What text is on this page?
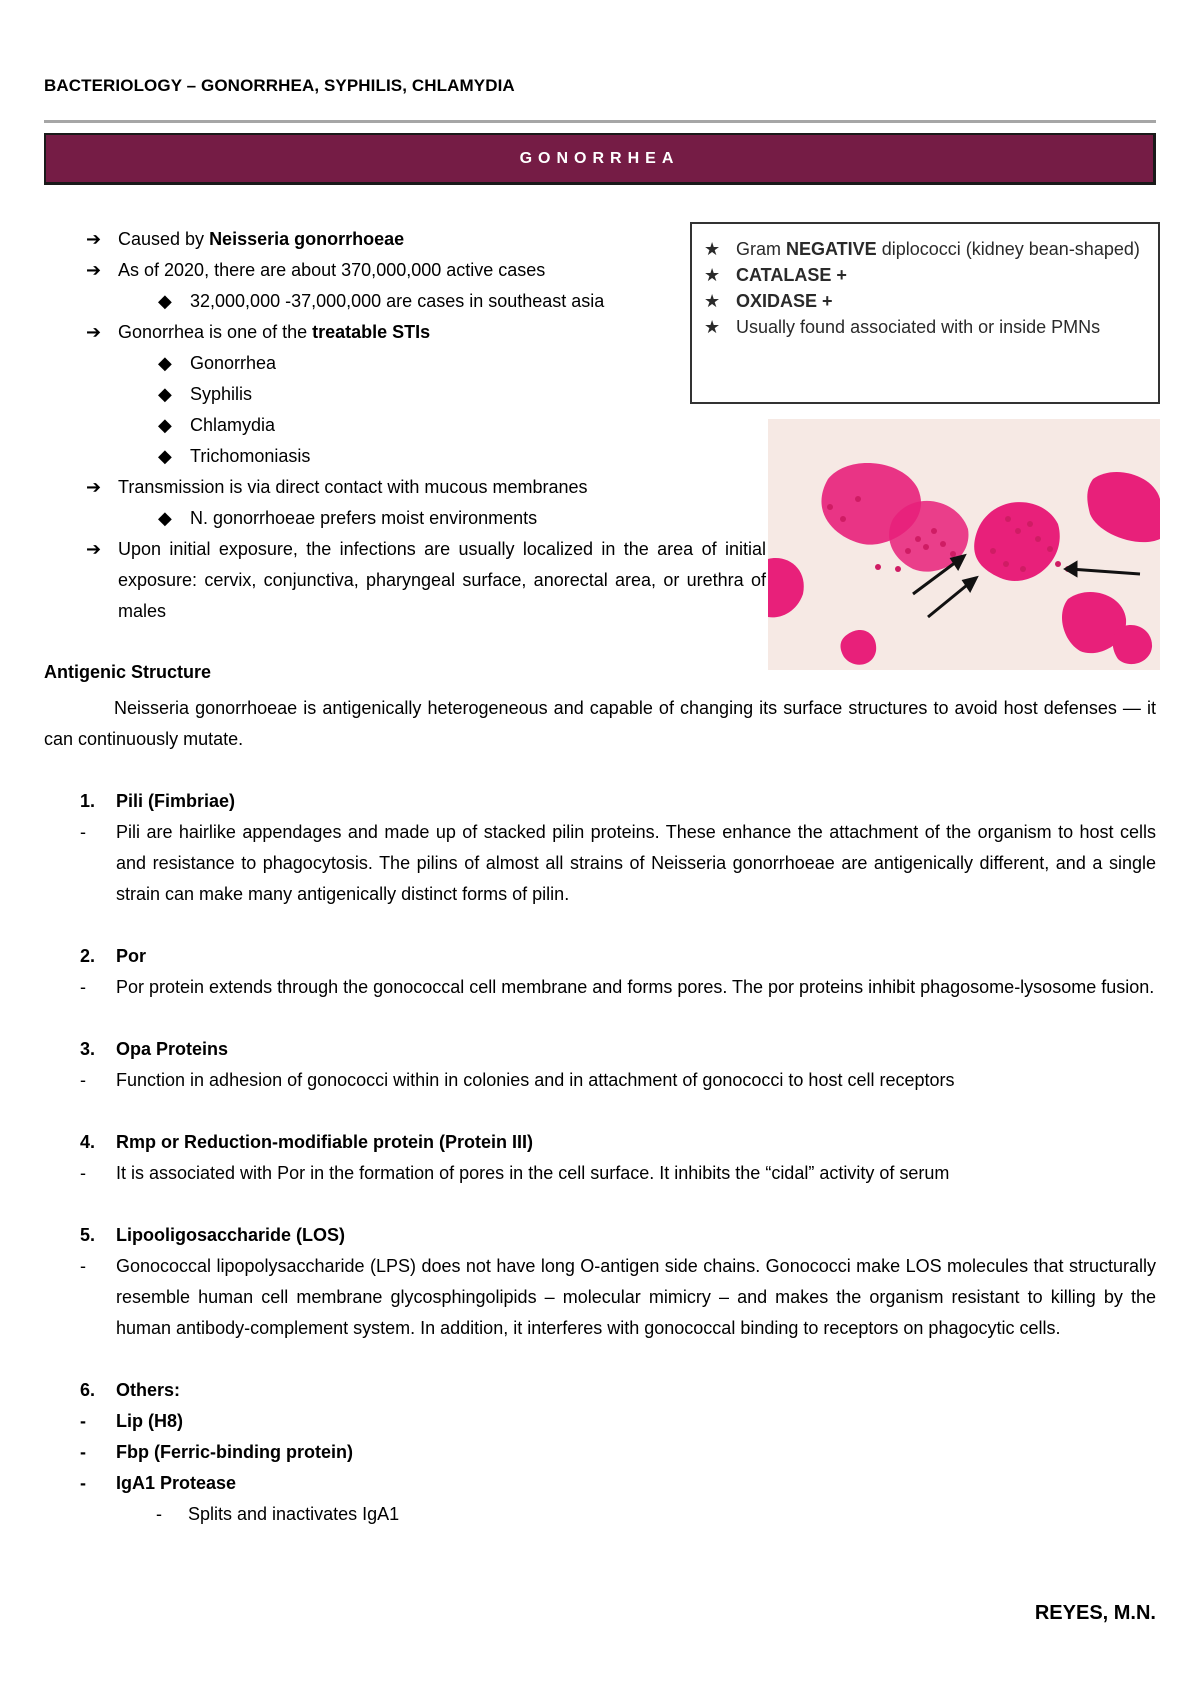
BACTERIOLOGY – GONORRHEA, SYPHILIS, CHLAMYDIA
GONORRHEA
➔ Caused by Neisseria gonorrhoeae
➔ As of 2020, there are about 370,000,000 active cases
◆ 32,000,000 -37,000,000 are cases in southeast asia
➔ Gonorrhea is one of the treatable STIs
◆ Gonorrhea
◆ Syphilis
◆ Chlamydia
◆ Trichomoniasis
➔ Transmission is via direct contact with mucous membranes
◆ N. gonorrhoeae prefers moist environments
➔ Upon initial exposure, the infections are usually localized in the area of initial exposure: cervix, conjunctiva, pharyngeal surface, anorectal area, or urethra of males
★ Gram NEGATIVE diplococci (kidney bean-shaped)
★ CATALASE +
★ OXIDASE +
★ Usually found associated with or inside PMNs
Antigenic Structure
Neisseria gonorrhoeae is antigenically heterogeneous and capable of changing its surface structures to avoid host defenses — it can continuously mutate.
1. Pili (Fimbriae)
- Pili are hairlike appendages and made up of stacked pilin proteins. These enhance the attachment of the organism to host cells and resistance to phagocytosis. The pilins of almost all strains of Neisseria gonorrhoeae are antigenically different, and a single strain can make many antigenically distinct forms of pilin.
2. Por
- Por protein extends through the gonococcal cell membrane and forms pores. The por proteins inhibit phagosome-lysosome fusion.
3. Opa Proteins
- Function in adhesion of gonococci within in colonies and in attachment of gonococci to host cell receptors
4. Rmp or Reduction-modifiable protein (Protein III)
- It is associated with Por in the formation of pores in the cell surface. It inhibits the “cidal” activity of serum
5. Lipooligosaccharide (LOS)
- Gonococcal lipopolysaccharide (LPS) does not have long O-antigen side chains. Gonococci make LOS molecules that structurally resemble human cell membrane glycosphingolipids – molecular mimicry – and makes the organism resistant to killing by the human antibody-complement system. In addition, it interferes with gonococcal binding to receptors on phagocytic cells.
6. Others:
- Lip (H8)
- Fbp (Ferric-binding protein)
- IgA1 Protease
- Splits and inactivates IgA1
REYES, M.N.
